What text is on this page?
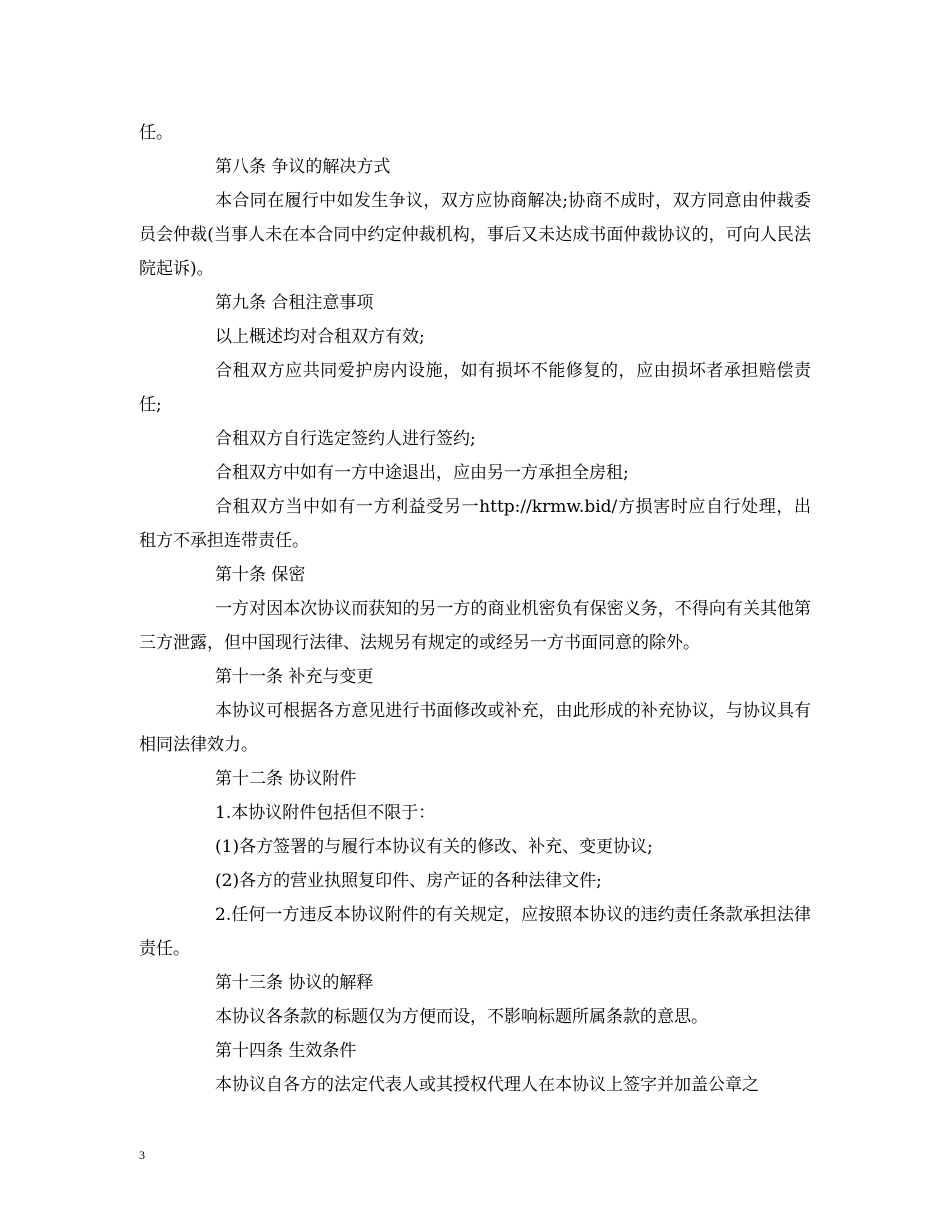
任。

第八条 争议的解决方式

本合同在履行中如发生争议，双方应协商解决;协商不成时，双方同意由仲裁委员会仲裁(当事人未在本合同中约定仲裁机构，事后又未达成书面仲裁协议的，可向人民法院起诉)。

第九条 合租注意事项

以上概述均对合租双方有效;

合租双方应共同爱护房内设施，如有损坏不能修复的，应由损坏者承担赔偿责任;

合租双方自行选定签约人进行签约;

合租双方中如有一方中途退出，应由另一方承担全房租;

合租双方当中如有一方利益受另一http://krmw.bid/方损害时应自行处理，出租方不承担连带责任。

第十条 保密

一方对因本次协议而获知的另一方的商业机密负有保密义务，不得向有关其他第三方泄露，但中国现行法律、法规另有规定的或经另一方书面同意的除外。

第十一条 补充与变更

本协议可根据各方意见进行书面修改或补充，由此形成的补充协议，与协议具有相同法律效力。

第十二条 协议附件

1.本协议附件包括但不限于：

(1)各方签署的与履行本协议有关的修改、补充、变更协议;

(2)各方的营业执照复印件、房产证的各种法律文件;

2.任何一方违反本协议附件的有关规定，应按照本协议的违约责任条款承担法律责任。

第十三条 协议的解释

本协议各条款的标题仅为方便而设，不影响标题所属条款的意思。

第十四条 生效条件

本协议自各方的法定代表人或其授权代理人在本协议上签字并加盖公章之

3
